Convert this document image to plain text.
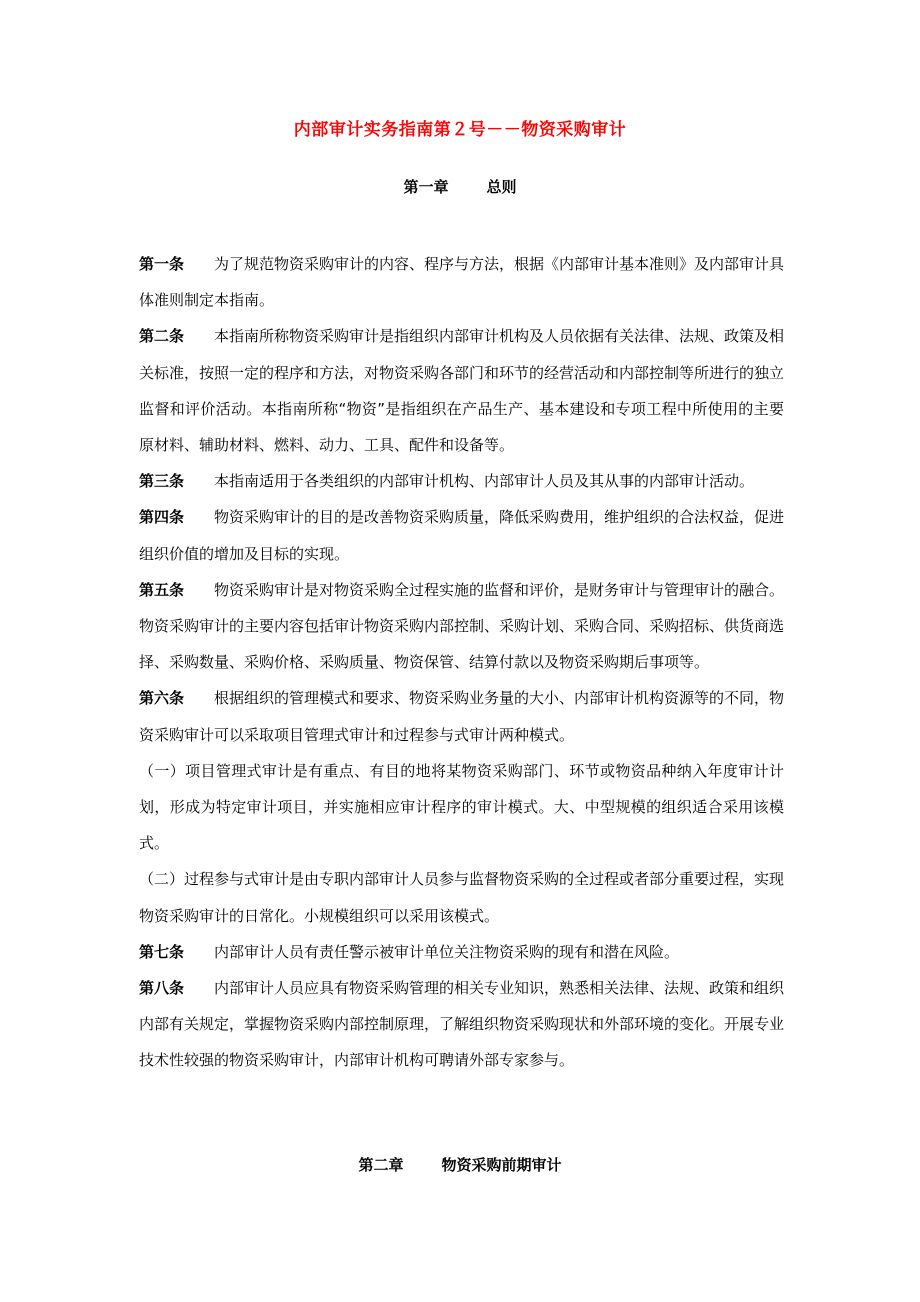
内部审计实务指南第２号－－物资采购审计
第一章	总则

第一条 为了规范物资采购审计的内容、程序与方法，根据《内部审计基本准则》及内部审计具体准则制定本指南。

第二条 本指南所称物资采购审计是指组织内部审计机构及人员依据有关法律、法规、政策及相关标准，按照一定的程序和方法，对物资采购各部门和环节的经营活动和内部控制等所进行的独立监督和评价活动。本指南所称“物资”是指组织在产品生产、基本建设和专项工程中所使用的主要原材料、辅助材料、燃料、动力、工具、配件和设备等。

第三条 本指南适用于各类组织的内部审计机构、内部审计人员及其从事的内部审计活动。

第四条 物资采购审计的目的是改善物资采购质量，降低采购费用，维护组织的合法权益，促进组织价值的增加及目标的实现。

第五条 物资采购审计是对物资采购全过程实施的监督和评价，是财务审计与管理审计的融合。物资采购审计的主要内容包括审计物资采购内部控制、采购计划、采购合同、采购招标、供货商选择、采购数量、采购价格、采购质量、物资保管、结算付款以及物资采购期后事项等。

第六条 根据组织的管理模式和要求、物资采购业务量的大小、内部审计机构资源等的不同，物资采购审计可以采取项目管理式审计和过程参与式审计两种模式。

（一）项目管理式审计是有重点、有目的地将某物资采购部门、环节或物资品种纳入年度审计计划，形成为特定审计项目，并实施相应审计程序的审计模式。大、中型规模的组织适合采用该模式。

（二）过程参与式审计是由专职内部审计人员参与监督物资采购的全过程或者部分重要过程，实现物资采购审计的日常化。小规模组织可以采用该模式。

第七条 内部审计人员有责任警示被审计单位关注物资采购的现有和潜在风险。

第八条 内部审计人员应具有物资采购管理的相关专业知识，熟悉相关法律、法规、政策和组织内部有关规定，掌握物资采购内部控制原理，了解组织物资采购现状和外部环境的变化。开展专业技术性较强的物资采购审计，内部审计机构可聘请外部专家参与。

第二章	物资采购前期审计
